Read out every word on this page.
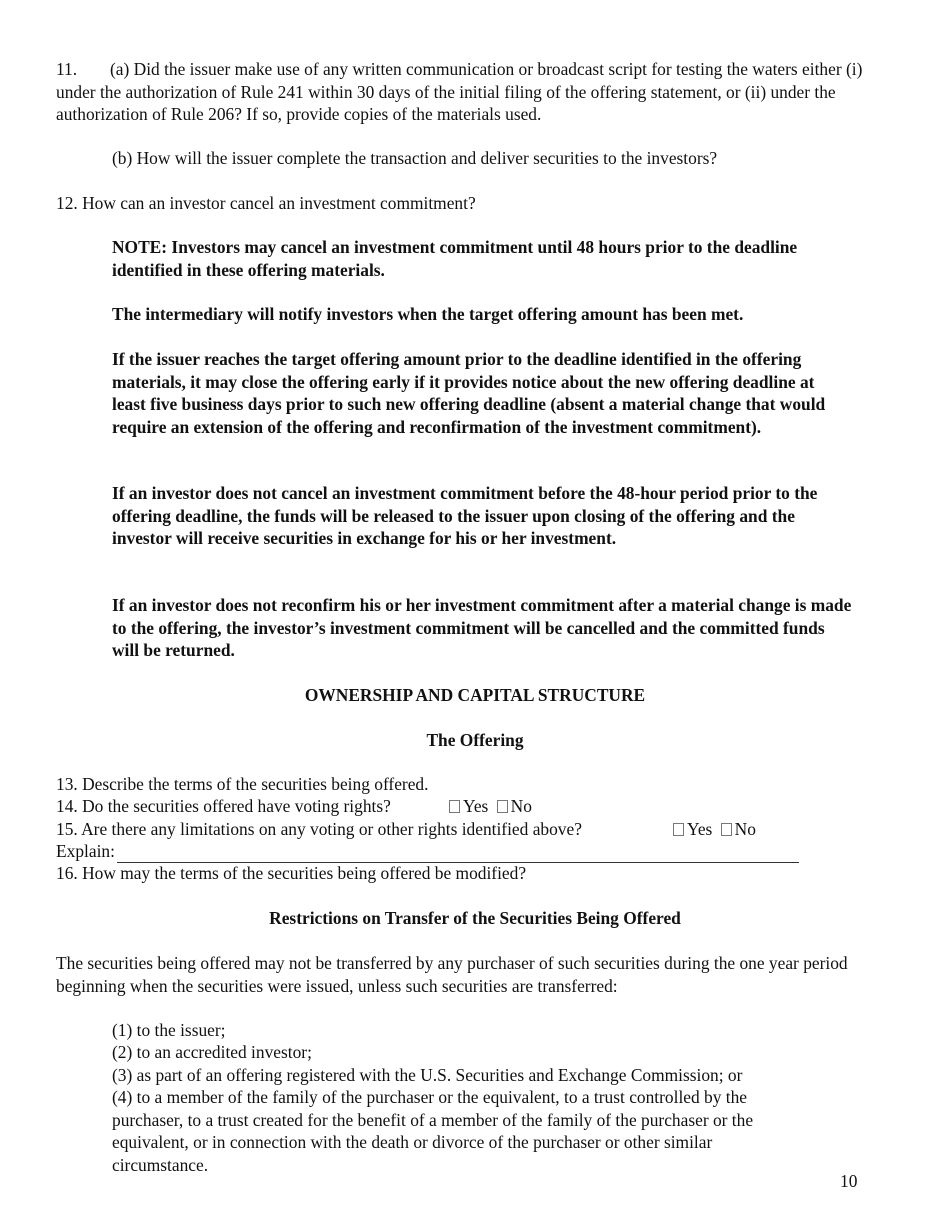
11. (a) Did the issuer make use of any written communication or broadcast script for testing the waters either (i) under the authorization of Rule 241 within 30 days of the initial filing of the offering statement, or (ii) under the authorization of Rule 206? If so, provide copies of the materials used.
(b) How will the issuer complete the transaction and deliver securities to the investors?
12. How can an investor cancel an investment commitment?
NOTE: Investors may cancel an investment commitment until 48 hours prior to the deadline identified in these offering materials.
The intermediary will notify investors when the target offering amount has been met.
If the issuer reaches the target offering amount prior to the deadline identified in the offering materials, it may close the offering early if it provides notice about the new offering deadline at least five business days prior to such new offering deadline (absent a material change that would require an extension of the offering and reconfirmation of the investment commitment).
If an investor does not cancel an investment commitment before the 48-hour period prior to the offering deadline, the funds will be released to the issuer upon closing of the offering and the investor will receive securities in exchange for his or her investment.
If an investor does not reconfirm his or her investment commitment after a material change is made to the offering, the investor’s investment commitment will be cancelled and the committed funds will be returned.
OWNERSHIP AND CAPITAL STRUCTURE
The Offering
13. Describe the terms of the securities being offered.
14. Do the securities offered have voting rights?	Yes No
15. Are there any limitations on any voting or other rights identified above?	Yes No
Explain:
16. How may the terms of the securities being offered be modified?
Restrictions on Transfer of the Securities Being Offered
The securities being offered may not be transferred by any purchaser of such securities during the one year period beginning when the securities were issued, unless such securities are transferred:
(1) to the issuer;
(2) to an accredited investor;
(3) as part of an offering registered with the U.S. Securities and Exchange Commission; or
(4) to a member of the family of the purchaser or the equivalent, to a trust controlled by the purchaser, to a trust created for the benefit of a member of the family of the purchaser or the equivalent, or in connection with the death or divorce of the purchaser or other similar circumstance.
10
